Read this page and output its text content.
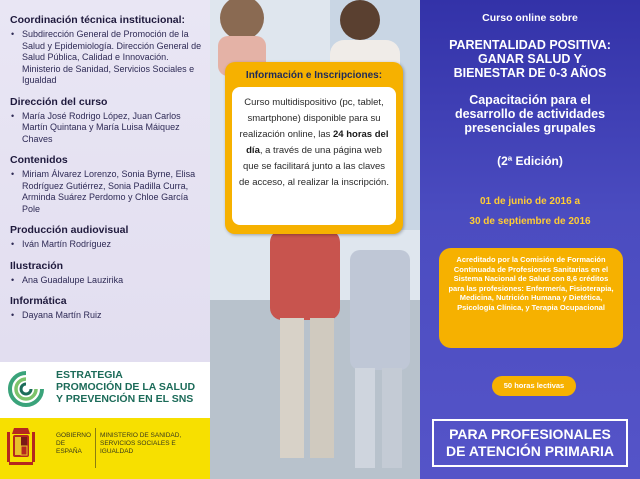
Coordinación técnica institucional:
• Subdirección General de Promoción de la Salud y Epidemiología. Dirección General de Salud Pública, Calidad e Innovación. Ministerio de Sanidad, Servicios Sociales e Igualdad
Dirección del curso
• María José Rodrigo López, Juan Carlos Martín Quintana y María Luisa Máiquez Chaves
Contenidos
• Miriam Álvarez Lorenzo, Sonia Byrne, Elisa Rodríguez Gutiérrez, Sonia Padilla Curra, Arminda Suárez Perdomo y Chloe García Pole
Producción audiovisual
• Iván Martín Rodríguez
Ilustración
• Ana Guadalupe Lauzirika
Informática
• Dayana Martín Ruiz
ESTRATEGIA
PROMOCIÓN DE LA SALUD
Y PREVENCIÓN EN EL SNS
GOBIERNO DE ESPAÑA
MINISTERIO DE SANIDAD, SERVICIOS SOCIALES E IGUALDAD
Información e Inscripciones:
Curso multidispositivo (pc, tablet, smartphone) disponible para su realización online, las 24 horas del día, a través de una página web que se facilitará junto a las claves de acceso, al realizar la inscripción.
Curso online sobre
PARENTALIDAD POSITIVA:
GANAR SALUD Y
BIENESTAR DE 0-3 AÑOS
Capacitación para el
desarrollo de actividades
presenciales grupales
(2ª Edición)
01 de junio de 2016 a
30 de septiembre de 2016
Acreditado por la Comisión de Formación Continuada de Profesiones Sanitarias en el Sistema Nacional de Salud con 8,6 créditos para las profesiones: Enfermería, Fisioterapia, Medicina, Nutrición Humana y Dietética, Psicología Clínica, y Terapia Ocupacional
50 horas lectivas
PARA PROFESIONALES
DE ATENCIÓN PRIMARIA
